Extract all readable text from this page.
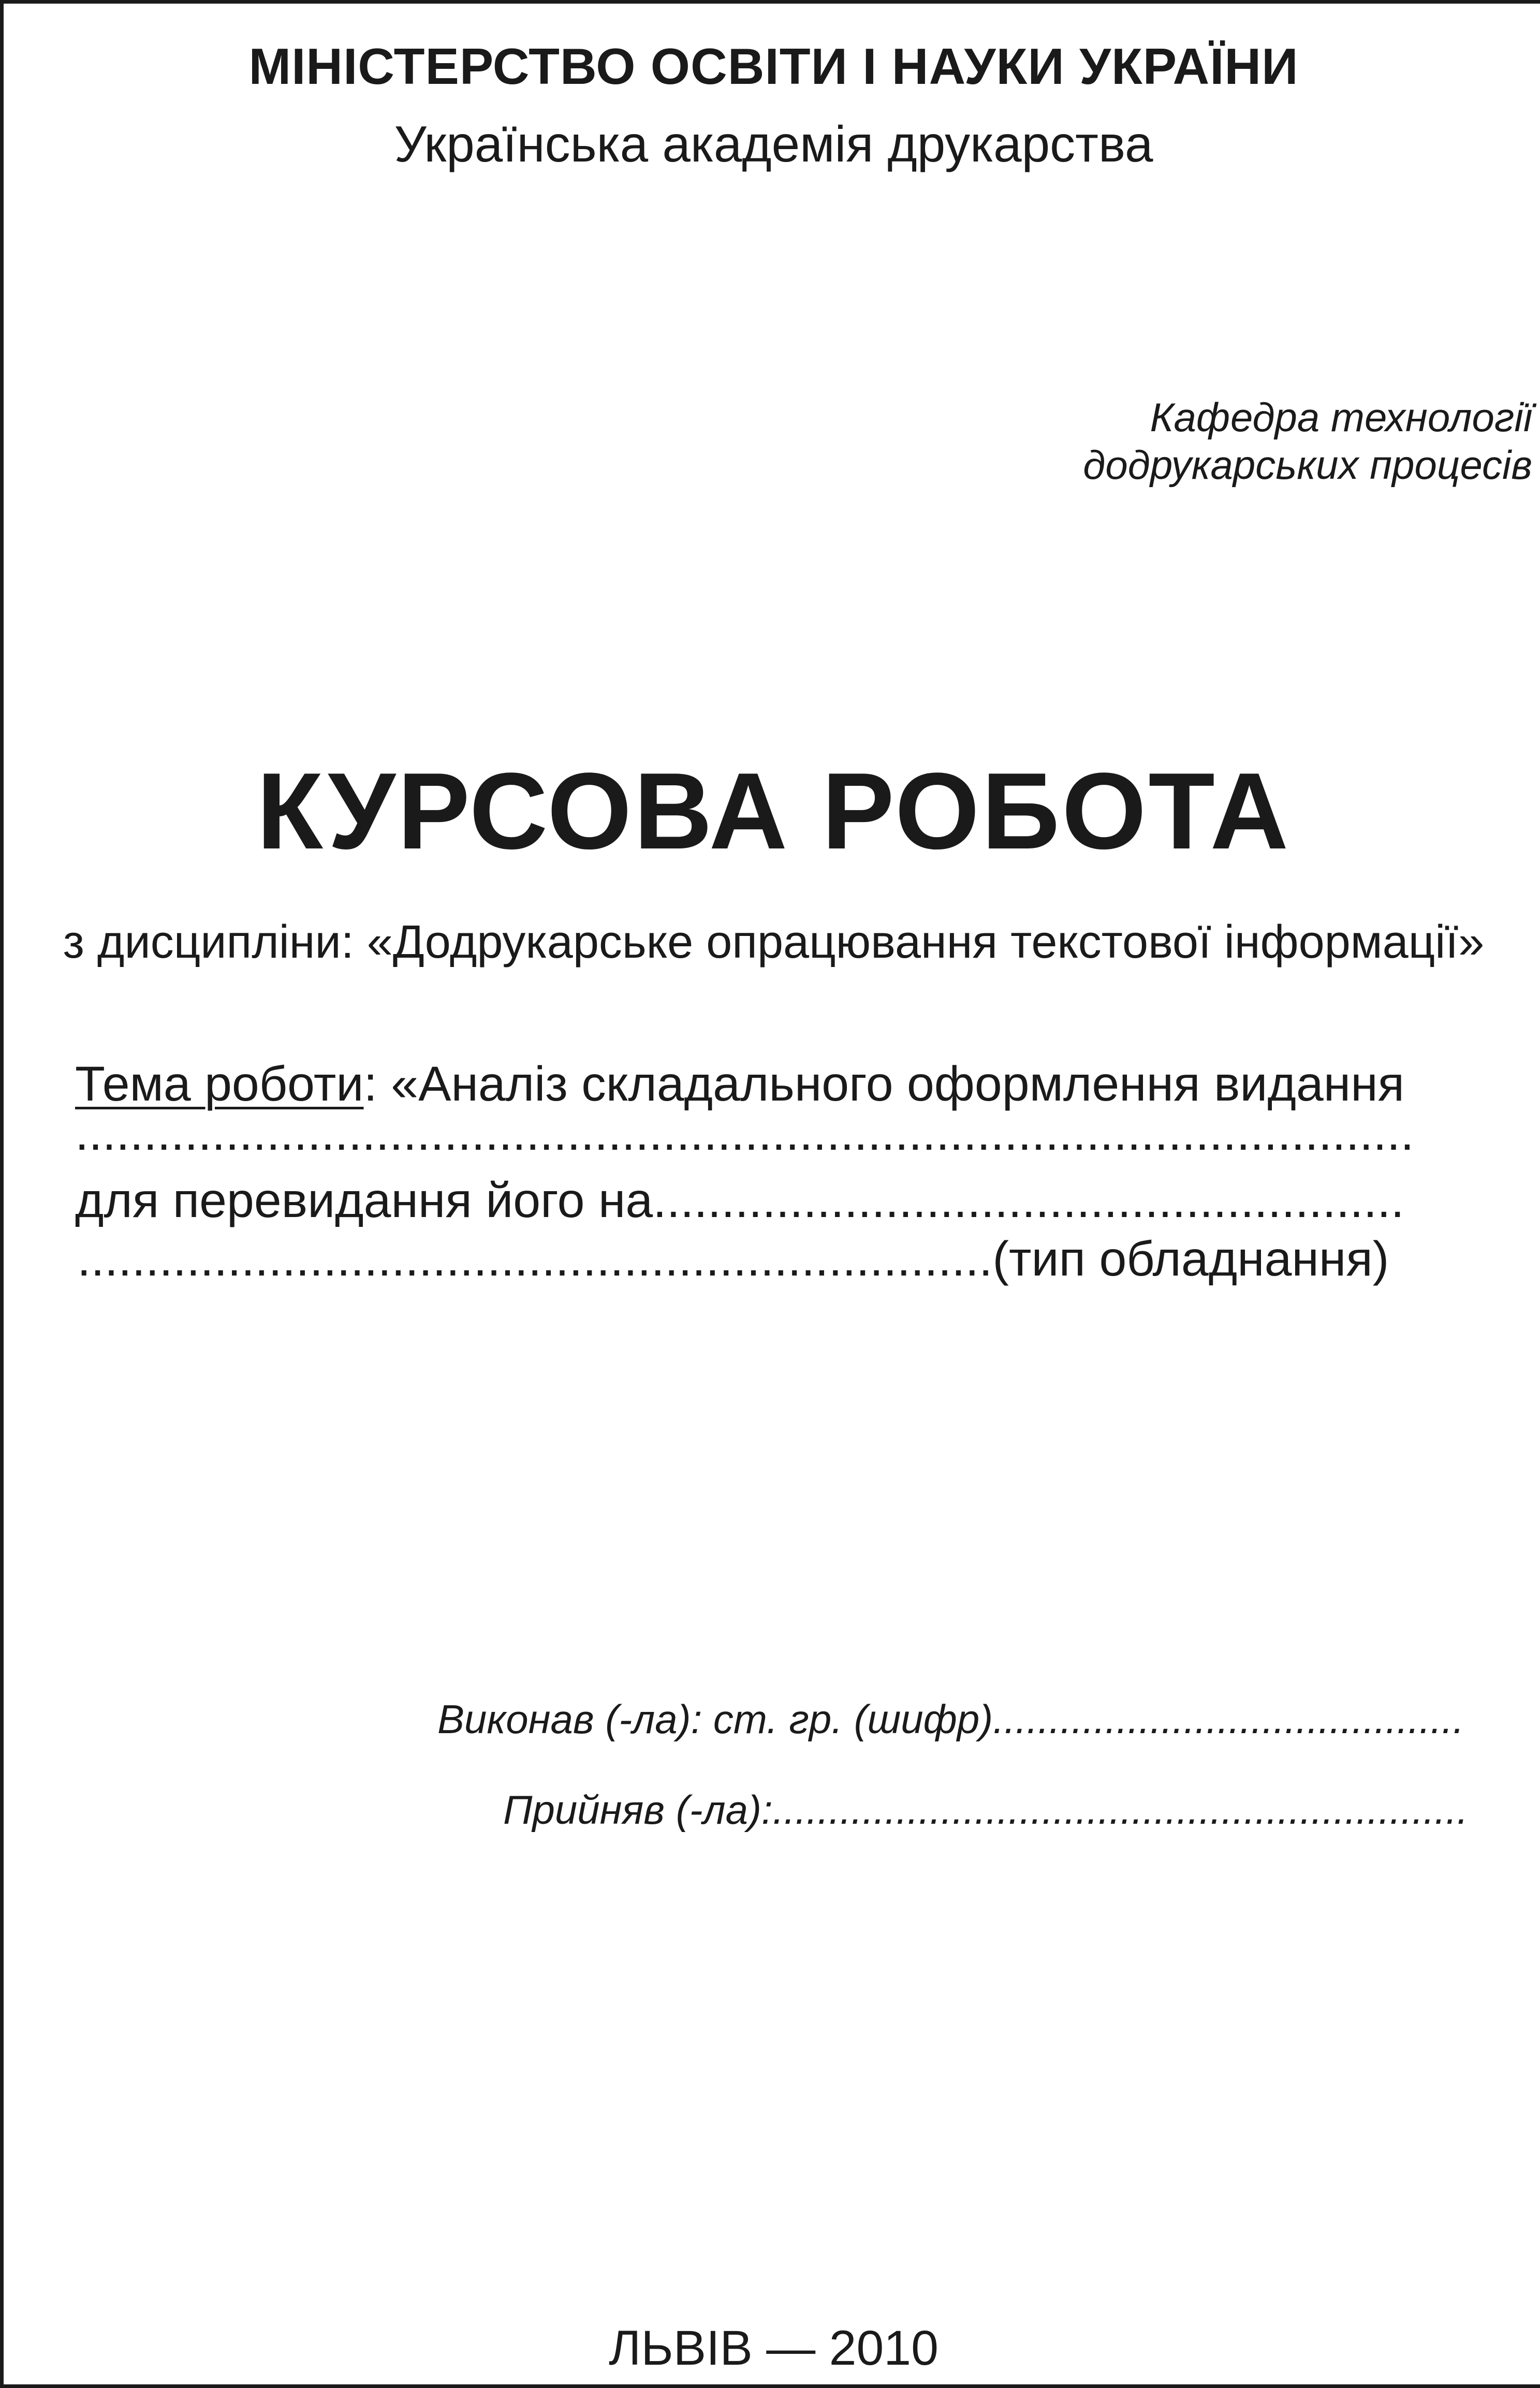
МІНІСТЕРСТВО ОСВІТИ І НАУКИ УКРАЇНИ
Українська академія друкарства
Кафедра технології
додрукарських процесів
КУРСОВА РОБОТА
з дисципліни: «Додрукарське опрацювання текстової інформації»
Тема роботи: «Аналіз складального оформлення видання
..................................................................................................
для перевидання його на.......................................................
...................................................................(тип обладнання)
Виконав (-ла): ст. гр. (шифр)..........................................
Прийняв (-ла):..............................................................
ЛЬВІВ — 2010
